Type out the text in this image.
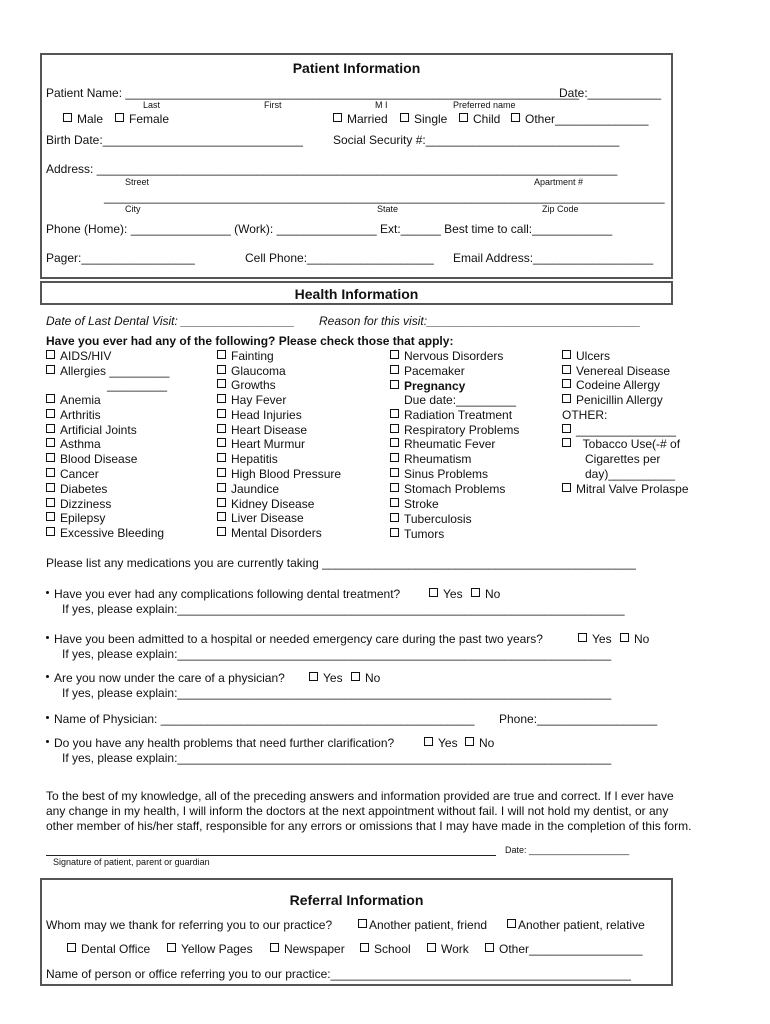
Patient Information
Patient Name: ____________________________________________________________________
Date:___________
Last	First	M I	Preferred name
Male	Female	Married	Single	Child	Other______________
Birth Date:______________________________	Social Security #:_____________________________
Address: ______________________________________________________________________________
Street	Apartment #
____________________________________________________________________________________
City	State	Zip Code
Phone (Home): _______________ (Work): _______________ Ext:______ Best time to call:____________
Pager:_________________	Cell Phone:___________________ Email Address:__________________
Health Information
Date of Last Dental Visit: _________________ Reason for this visit:________________________________
Have you ever had any of the following? Please check those that apply:
AIDS/HIV
Allergies _________
_________
Anemia
Arthritis
Artificial Joints
Asthma
Blood Disease
Cancer
Diabetes
Dizziness
Epilepsy
Excessive Bleeding
Fainting
Glaucoma
Growths
Hay Fever
Head Injuries
Heart Disease
Heart Murmur
Hepatitis
High Blood Pressure
Jaundice
Kidney Disease
Liver Disease
Mental Disorders
Nervous Disorders
Pacemaker
Pregnancy
Due date:_________
Radiation Treatment
Respiratory Problems
Rheumatic Fever
Rheumatism
Sinus Problems
Stomach Problems
Stroke
Tuberculosis
Tumors
Ulcers
Venereal Disease
Codeine Allergy
Penicillin Allergy
OTHER:
_______________
Tobacco Use(-# of
Cigarettes per
day)__________
Mitral Valve Prolaspe
Please list any medications you are currently taking _______________________________________________
Have you ever had any complications following dental treatment?	Yes	No
If yes, please explain:___________________________________________________________________
Have you been admitted to a hospital or needed emergency care during the past two years?	Yes	No
If yes, please explain:_________________________________________________________________
Are you now under the care of a physician?	Yes	No
If yes, please explain:_________________________________________________________________
Name of Physician: _______________________________________________ Phone:__________________
Do you have any health problems that need further clarification?	Yes	No
If yes, please explain:_________________________________________________________________
To the best of my knowledge, all of the preceding answers and information provided are true and correct. If I ever have
any change in my health, I will inform the doctors at the next appointment without fail. I will not hold my dentist, or any
other member of his/her staff, responsible for any errors or omissions that I may have made in the completion of this form.
Date: ____________________
Signature of patient, parent or guardian
Referral Information
Whom may we thank for referring you to our practice?	Another patient, friend	Another patient, relative
Dental Office	Yellow Pages	Newspaper	School	Work	Other_________________
Name of person or office referring you to our practice:_____________________________________________
